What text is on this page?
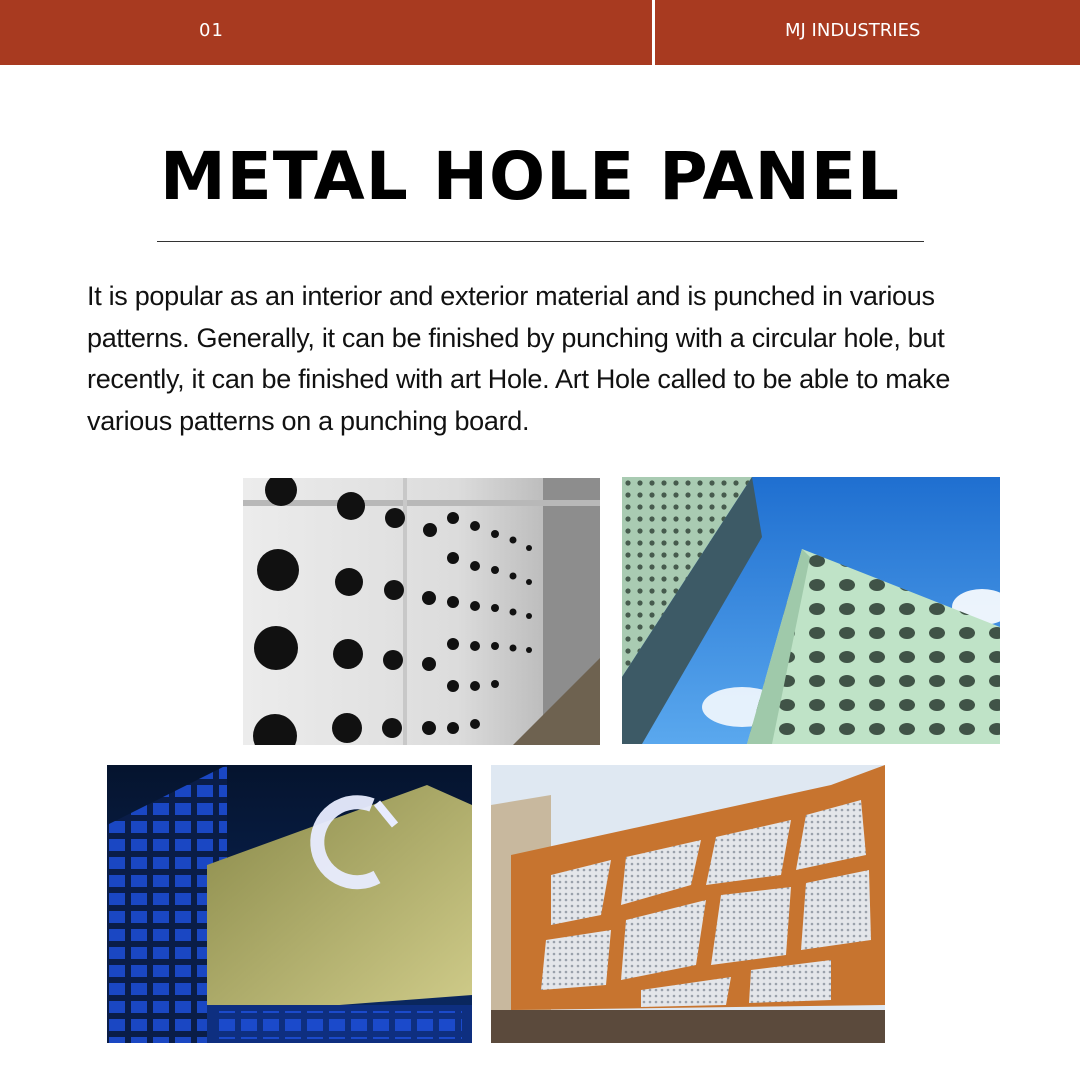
01	MJ INDUSTRIES
METAL HOLE PANEL

It is popular as an interior and exterior material and is punched in various patterns. Generally, it can be finished by punching with a circular hole, but recently, it can be finished with art Hole. Art Hole called to be able to make various patterns on a punching board.
